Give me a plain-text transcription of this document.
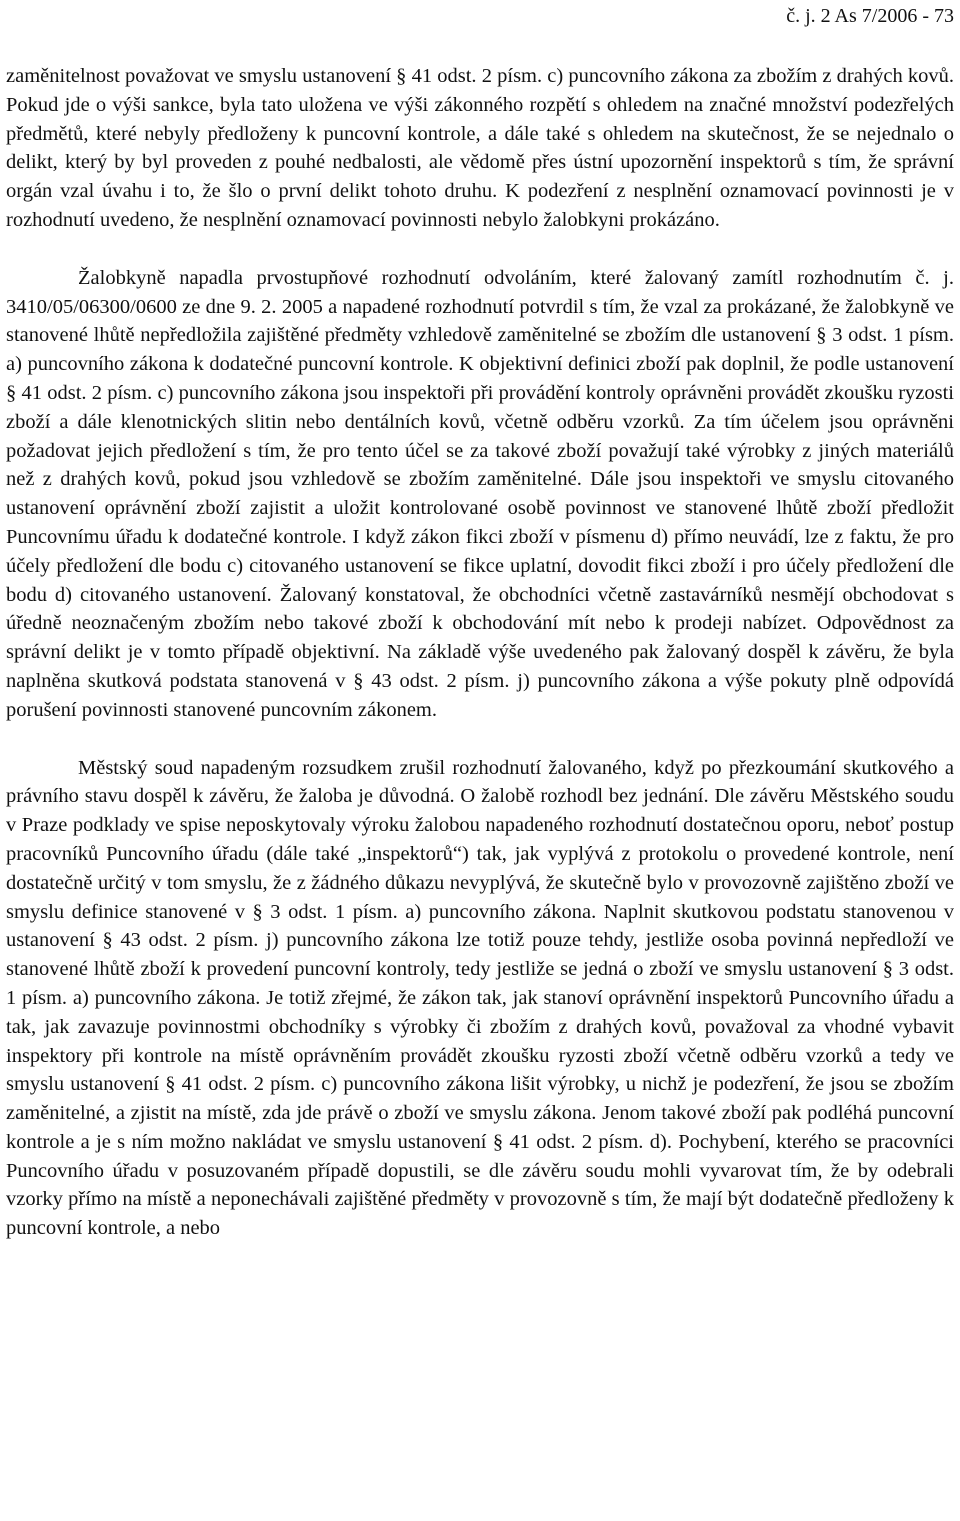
č. j. 2 As 7/2006 - 73

zaměnitelnost považovat ve smyslu ustanovení § 41 odst. 2 písm. c) puncovního zákona za zbožím z drahých kovů. Pokud jde o výši sankce, byla tato uložena ve výši zákonného rozpětí s ohledem na značné množství podezřelých předmětů, které nebyly předloženy k puncovní kontrole, a dále také s ohledem na skutečnost, že se nejednalo o delikt, který by byl proveden z pouhé nedbalosti, ale vědomě přes ústní upozornění inspektorů s tím, že správní orgán vzal úvahu i to, že šlo o první delikt tohoto druhu. K podezření z nesplnění oznamovací povinnosti je v rozhodnutí uvedeno, že nesplnění oznamovací povinnosti nebylo žalobkyni prokázáno.

Žalobkyně napadla prvostupňové rozhodnutí odvoláním, které žalovaný zamítl rozhodnutím č. j. 3410/05/06300/0600 ze dne 9. 2. 2005 a napadené rozhodnutí potvrdil s tím, že vzal za prokázané, že žalobkyně ve stanovené lhůtě nepředložila zajištěné předměty vzhledově zaměnitelné se zbožím dle ustanovení § 3 odst. 1 písm. a) puncovního zákona k dodatečné puncovní kontrole. K objektivní definici zboží pak doplnil, že podle ustanovení § 41 odst. 2 písm. c) puncovního zákona jsou inspektoři při provádění kontroly oprávněni provádět zkoušku ryzosti zboží a dále klenotnických slitin nebo dentálních kovů, včetně odběru vzorků. Za tím účelem jsou oprávněni požadovat jejich předložení s tím, že pro tento účel se za takové zboží považují také výrobky z jiných materiálů než z drahých kovů, pokud jsou vzhledově se zbožím zaměnitelné. Dále jsou inspektoři ve smyslu citovaného ustanovení oprávnění zboží zajistit a uložit kontrolované osobě povinnost ve stanovené lhůtě zboží předložit Puncovnímu úřadu k dodatečné kontrole. I když zákon fikci zboží v písmenu d) přímo neuvádí, lze z faktu, že pro účely předložení dle bodu c) citovaného ustanovení se fikce uplatní, dovodit fikci zboží i pro účely předložení dle bodu d) citovaného ustanovení. Žalovaný konstatoval, že obchodníci včetně zastavárníků nesmějí obchodovat s úředně neoznačeným zbožím nebo takové zboží k obchodování mít nebo k prodeji nabízet. Odpovědnost za správní delikt je v tomto případě objektivní. Na základě výše uvedeného pak žalovaný dospěl k závěru, že byla naplněna skutková podstata stanovená v § 43 odst. 2 písm. j) puncovního zákona a výše pokuty plně odpovídá porušení povinnosti stanovené puncovním zákonem.

Městský soud napadeným rozsudkem zrušil rozhodnutí žalovaného, když po přezkoumání skutkového a právního stavu dospěl k závěru, že žaloba je důvodná. O žalobě rozhodl bez jednání. Dle závěru Městského soudu v Praze podklady ve spise neposkytovaly výroku žalobou napadeného rozhodnutí dostatečnou oporu, neboť postup pracovníků Puncovního úřadu (dále také „inspektorů“) tak, jak vyplývá z protokolu o provedené kontrole, není dostatečně určitý v tom smyslu, že z žádného důkazu nevyplývá, že skutečně bylo v provozovně zajištěno zboží ve smyslu definice stanovené v § 3 odst. 1 písm. a) puncovního zákona. Naplnit skutkovou podstatu stanovenou v ustanovení § 43 odst. 2 písm. j) puncovního zákona lze totiž pouze tehdy, jestliže osoba povinná nepředloží ve stanovené lhůtě zboží k provedení puncovní kontroly, tedy jestliže se jedná o zboží ve smyslu ustanovení § 3 odst. 1 písm. a) puncovního zákona. Je totiž zřejmé, že zákon tak, jak stanoví oprávnění inspektorů Puncovního úřadu a tak, jak zavazuje povinnostmi obchodníky s výrobky či zbožím z drahých kovů, považoval za vhodné vybavit inspektory při kontrole na místě oprávněním provádět zkoušku ryzosti zboží včetně odběru vzorků a tedy ve smyslu ustanovení § 41 odst. 2 písm. c) puncovního zákona lišit výrobky, u nichž je podezření, že jsou se zbožím zaměnitelné, a zjistit na místě, zda jde právě o zboží ve smyslu zákona. Jenom takové zboží pak podléhá puncovní kontrole a je s ním možno nakládat ve smyslu ustanovení § 41 odst. 2 písm. d). Pochybení, kterého se pracovníci Puncovního úřadu v posuzovaném případě dopustili, se dle závěru soudu mohli vyvarovat tím, že by odebrali vzorky přímo na místě a neponechávali zajištěné předměty v provozovně s tím, že mají být dodatečně předloženy k puncovní kontrole, a nebo
